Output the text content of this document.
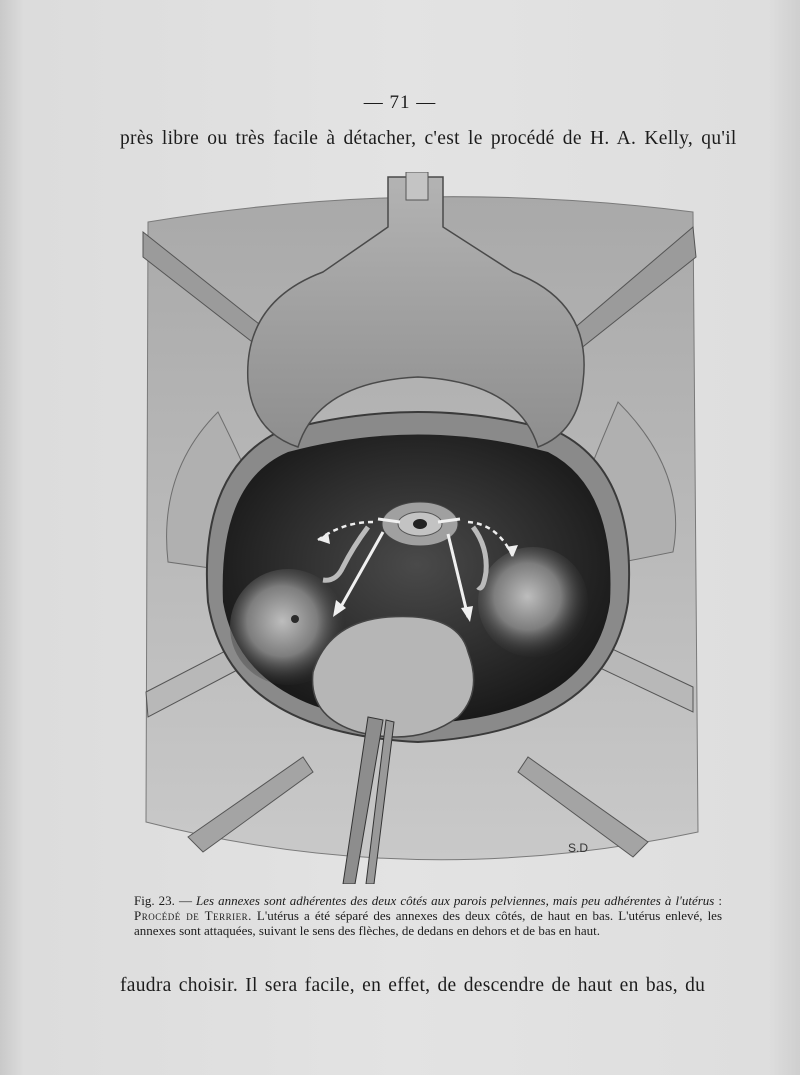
— 71 —
près libre ou très facile à détacher, c'est le procédé de H. A. Kelly, qu'il
S.D
Fig. 23. — Les annexes sont adhérentes des deux côtés aux parois pelviennes, mais peu adhérentes à l'utérus : Procédé de Terrier. L'utérus a été séparé des annexes des deux côtés, de haut en bas. L'utérus enlevé, les annexes sont attaquées, suivant le sens des flèches, de dedans en dehors et de bas en haut.
faudra choisir. Il sera facile, en effet, de descendre de haut en bas, du
